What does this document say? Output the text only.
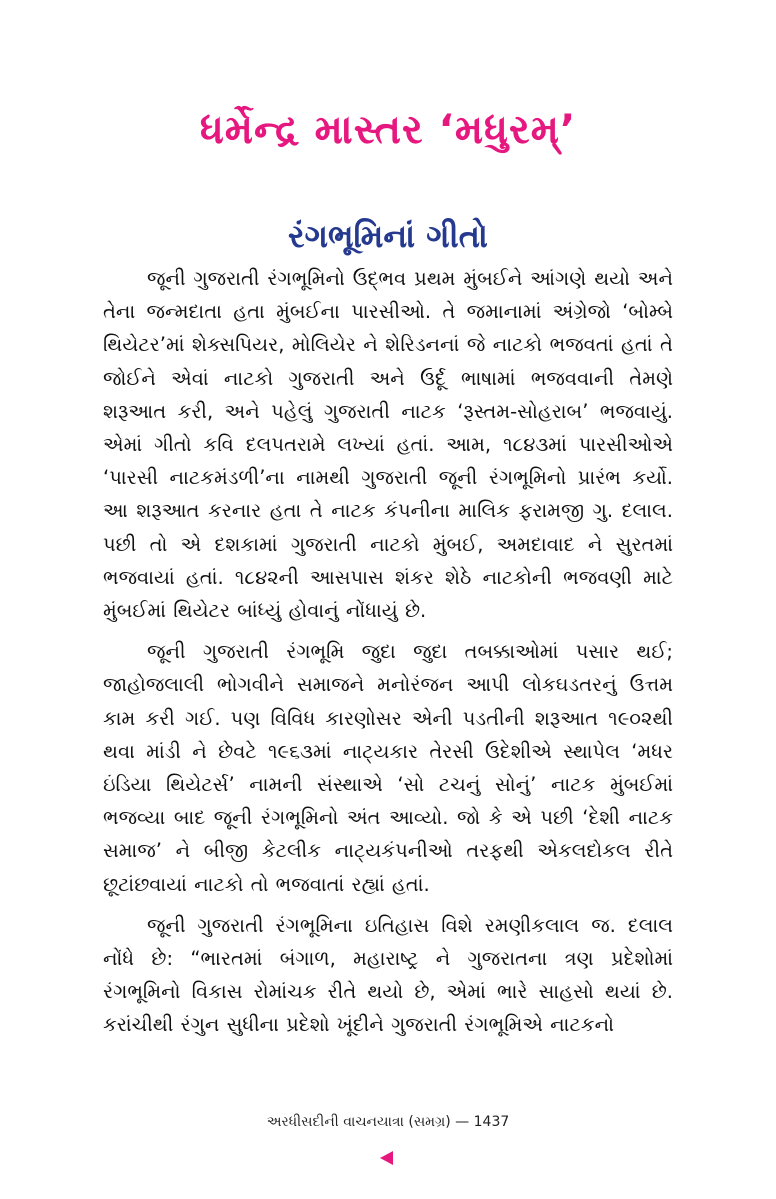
ધર્મેન્દ્ર માસ્તર ‘મધુરમ્’
રંગભૂમિનાં ગીતો

જૂની ગુજરાતી રંગભૂમિનો ઉદ્ભવ પ્રથમ મુંબઈને આંગણે થયો અને તેના જન્મદાતા હતા મુંબઈના પારસીઓ. તે જમાનામાં અંગ્રેજો ‘બોમ્બે થિયેટર’માં શેક્સપિયર, મોલિયેર ને શેરિડનનાં જે નાટકો ભજવતાં હતાં તે જોઈને એવાં નાટકો ગુજરાતી અને ઉર્દૂ ભાષામાં ભજવવાની તેમણે શરૂઆત કરી, અને પહેલું ગુજરાતી નાટક ‘રૂસ્તમ-સોહરાબ’ ભજવાયું. એમાં ગીતો કવિ દલપતરામે લખ્યાં હતાં. આમ, ૧૮૪૩માં પારસીઓએ ‘પારસી નાટકમંડળી’ના નામથી ગુજરાતી જૂની રંગભૂમિનો પ્રારંભ કર્યો. આ શરૂઆત કરનાર હતા તે નાટક કંપનીના માલિક ફરામજી ગુ. દલાલ. પછી તો એ દશકામાં ગુજરાતી નાટકો મુંબઈ, અમદાવાદ ને સુરતમાં ભજવાયાં હતાં. ૧૮૪૨ની આસપાસ શંકર શેઠે નાટકોની ભજવણી માટે મુંબઈમાં થિયેટર બાંધ્યું હોવાનું નોંધાયું છે.

જૂની ગુજરાતી રંગભૂમિ જુદા જુદા તબક્કાઓમાં પસાર થઈ; જાહોજલાલી ભોગવીને સમાજને મનોરંજન આપી લોકઘડતરનું ઉત્તમ કામ કરી ગઈ. પણ વિવિધ કારણોસર એની પડતીની શરૂઆત ૧૯૦૨થી થવા માંડી ને છેવટે ૧૯૬૩માં નાટ્યકાર તેરસી ઉદેશીએ સ્થાપેલ ‘મધર ઇંડિયા થિયેટર્સ’ નામની સંસ્થાએ ‘સો ટચનું સોનું’ નાટક મુંબઈમાં ભજવ્યા બાદ જૂની રંગભૂમિનો અંત આવ્યો. જો કે એ પછી ‘દેશી નાટક સમાજ’ ને બીજી કેટલીક નાટ્યકંપનીઓ તરફથી એકલદોકલ રીતે છૂટાંછવાયાં નાટકો તો ભજવાતાં રહ્યાં હતાં.

જૂની ગુજરાતી રંગભૂમિના ઇતિહાસ વિશે રમણીકલાલ જ. દલાલ નોંધે છે: “ભારતમાં બંગાળ, મહારાષ્ટ્ર ને ગુજરાતના ત્રણ પ્રદેશોમાં રંગભૂમિનો વિકાસ રોમાંચક રીતે થયો છે, એમાં ભારે સાહસો થયાં છે. કરાંચીથી રંગુન સુધીના પ્રદેશો ખૂંદીને ગુજરાતી રંગભૂમિએ નાટકનો

અરધીસદીની વાચનયાત્રા (સમગ્ર) — 1437
